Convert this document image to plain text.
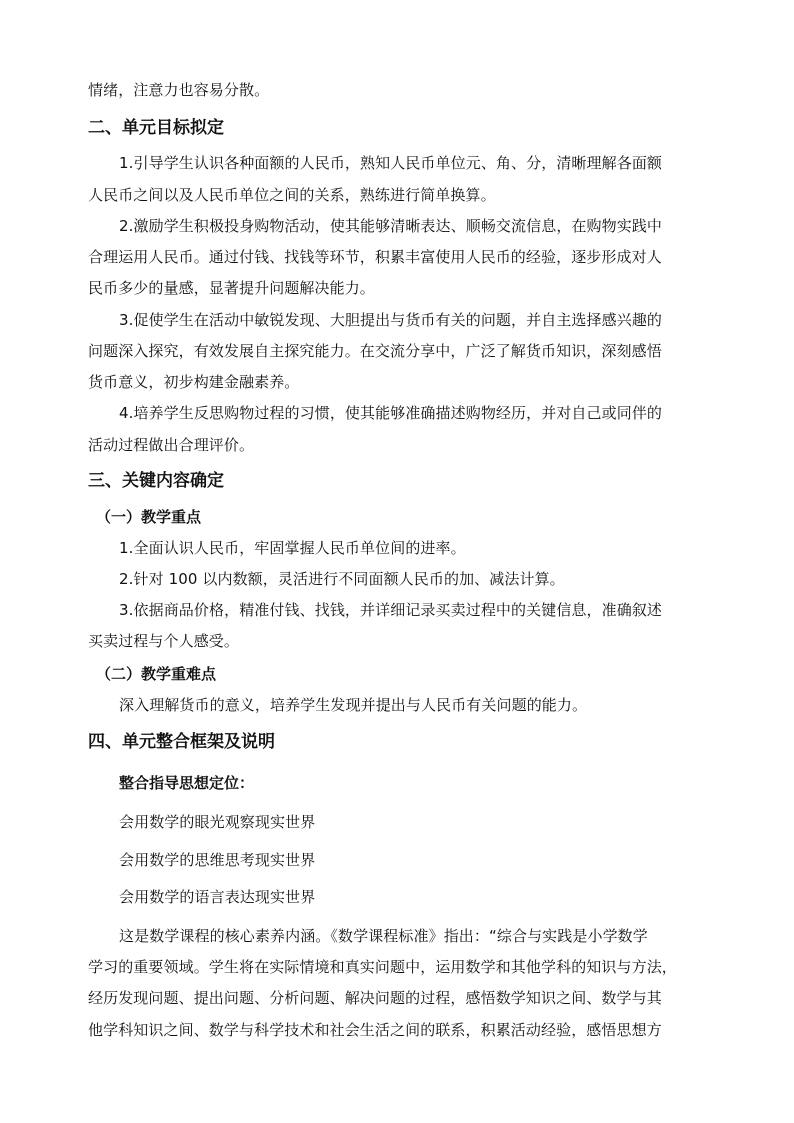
情绪，注意力也容易分散。
二、单元目标拟定
1.引导学生认识各种面额的人民币，熟知人民币单位元、角、分，清晰理解各面额
人民币之间以及人民币单位之间的关系，熟练进行简单换算。
2.激励学生积极投身购物活动，使其能够清晰表达、顺畅交流信息，在购物实践中
合理运用人民币。通过付钱、找钱等环节，积累丰富使用人民币的经验，逐步形成对人
民币多少的量感，显著提升问题解决能力。
3.促使学生在活动中敏锐发现、大胆提出与货币有关的问题，并自主选择感兴趣的
问题深入探究，有效发展自主探究能力。在交流分享中，广泛了解货币知识，深刻感悟
货币意义，初步构建金融素养。
4.培养学生反思购物过程的习惯，使其能够准确描述购物经历，并对自己或同伴的
活动过程做出合理评价。
三、关键内容确定
（一）教学重点
1.全面认识人民币，牢固掌握人民币单位间的进率。
2.针对 100 以内数额，灵活进行不同面额人民币的加、减法计算。
3.依据商品价格，精准付钱、找钱，并详细记录买卖过程中的关键信息，准确叙述
买卖过程与个人感受。
（二）教学重难点
深入理解货币的意义，培养学生发现并提出与人民币有关问题的能力。
四、单元整合框架及说明
整合指导思想定位：
会用数学的眼光观察现实世界
会用数学的思维思考现实世界
会用数学的语言表达现实世界
这是数学课程的核心素养内涵。《数学课程标准》指出：“综合与实践是小学数学
学习的重要领域。学生将在实际情境和真实问题中，运用数学和其他学科的知识与方法，
经历发现问题、提出问题、分析问题、解决问题的过程，感悟数学知识之间、数学与其
他学科知识之间、数学与科学技术和社会生活之间的联系，积累活动经验，感悟思想方
